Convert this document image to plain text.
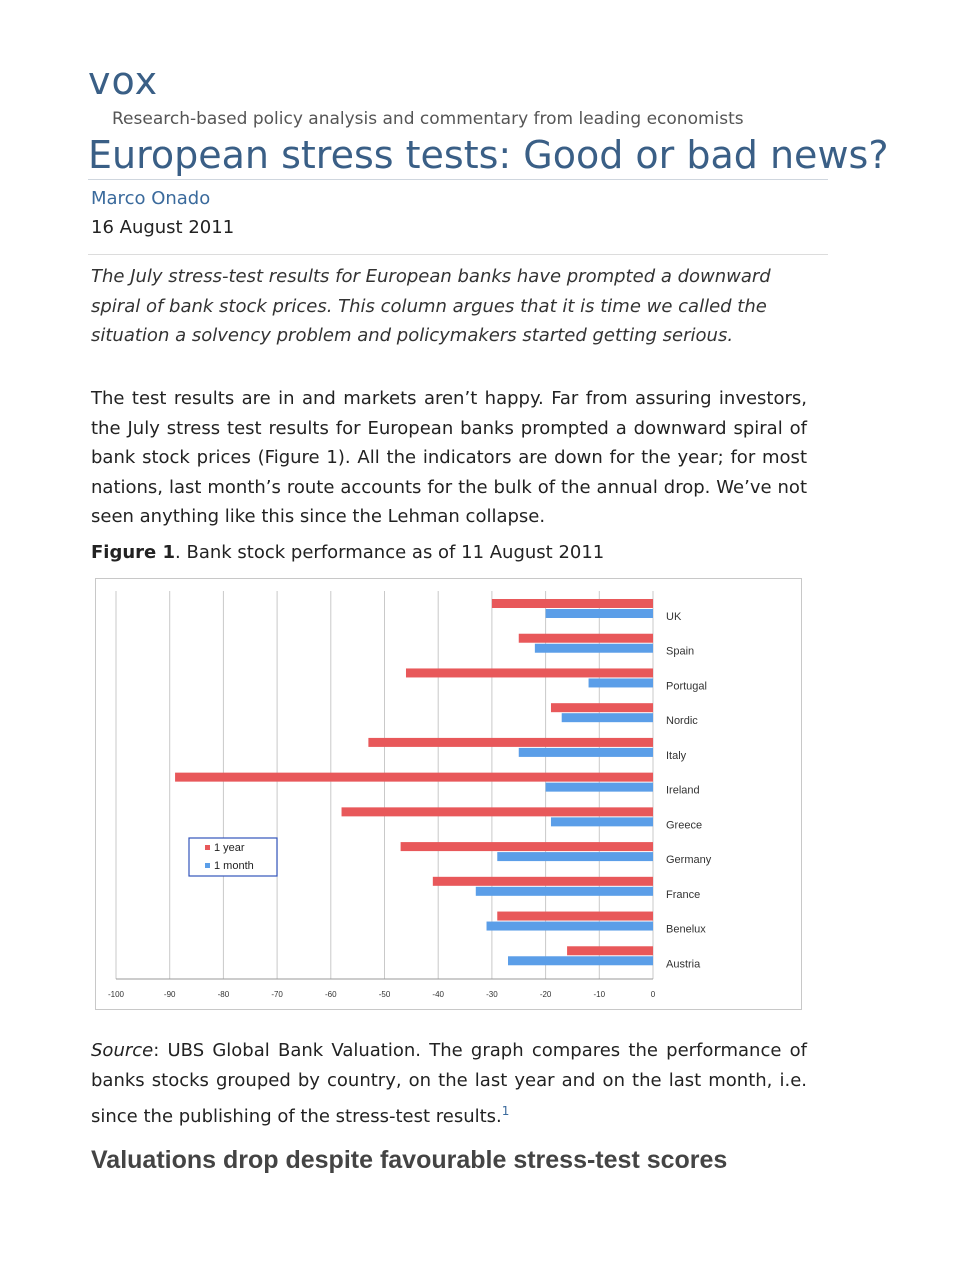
vox
Research-based policy analysis and commentary from leading economists
European stress tests: Good or bad news?
Marco Onado
16 August 2011
The July stress-test results for European banks have prompted a downward spiral of bank stock prices. This column argues that it is time we called the situation a solvency problem and policymakers started getting serious.
The test results are in and markets aren’t happy. Far from assuring investors, the July stress test results for European banks prompted a downward spiral of bank stock prices (Figure 1). All the indicators are down for the year; for most nations, last month’s route accounts for the bulk of the annual drop. We’ve not seen anything like this since the Lehman collapse.
Figure 1. Bank stock performance as of 11 August 2011
-100	-90	-80	-70	-60	-50	-40	-30	-20	-10	0
UK
Spain
Portugal
Nordic
Italy
Ireland
Greece
Germany
France
Benelux
Austria
1 year
1 month
Source: UBS Global Bank Valuation. The graph compares the performance of banks stocks grouped by country, on the last year and on the last month, i.e. since the publishing of the stress-test results.$^1$
Valuations drop despite favourable stress-test scores
